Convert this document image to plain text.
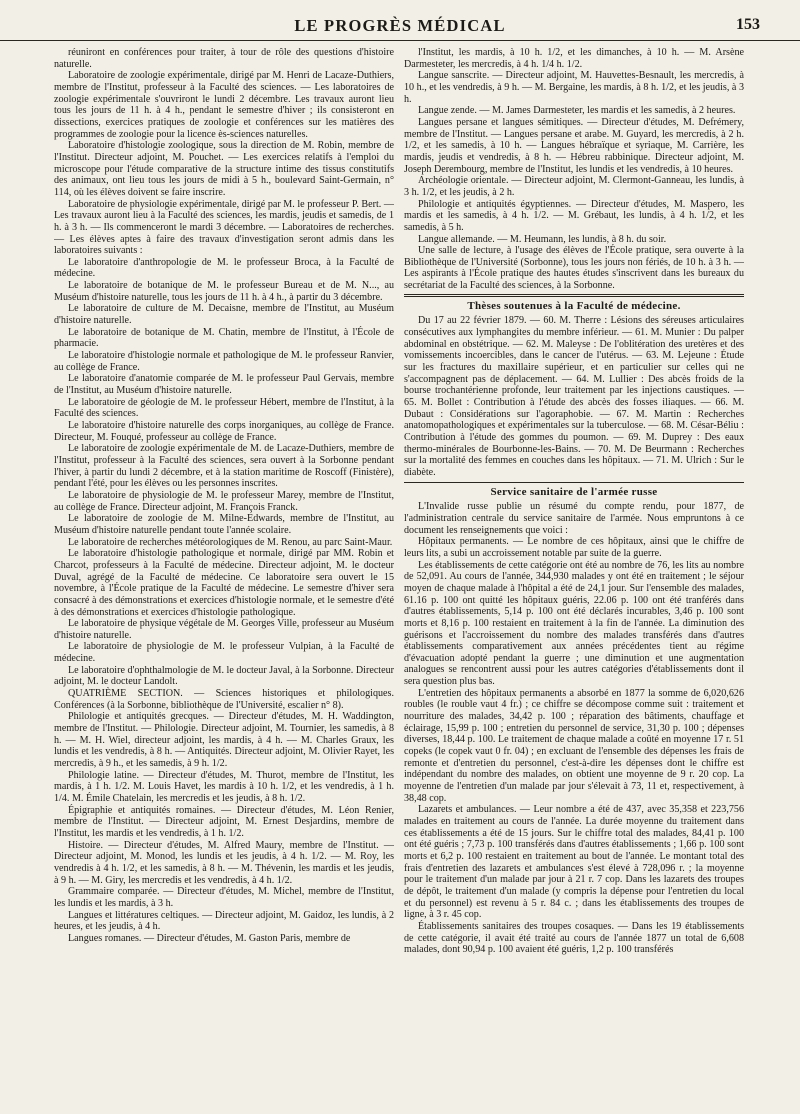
LE PROGRÈS MÉDICAL	153

réuniront en conférences pour traiter, à tour de rôle des questions d'histoire naturelle.

Laboratoire de zoologie expérimentale, dirigé par M. Henri de Lacaze-Duthiers, membre de l'Institut, professeur à la Faculté des sciences. — Les laboratoires de zoologie expérimentale s'ouvriront le lundi 2 décembre. Les travaux auront lieu tous les jours de 11 h. à 4 h., pendant le semestre d'hiver ; ils consisteront en dissections, exercices pratiques de zoologie et conférences sur les matières des programmes de zoologie pour la licence ès-sciences naturelles.

Laboratoire d'histologie zoologique, sous la direction de M. Robin, membre de l'Institut. Directeur adjoint, M. Pouchet. — Les exercices relatifs à l'emploi du microscope pour l'étude comparative de la structure intime des tissus constitutifs des animaux, ont lieu tous les jours de midi à 5 h., boulevard Saint-Germain, n° 114, où les élèves doivent se faire inscrire.

Laboratoire de physiologie expérimentale, dirigé par M. le professeur P. Bert. — Les travaux auront lieu à la Faculté des sciences, les mardis, jeudis et samedis, de 1 h. à 3 h. — Ils commenceront le mardi 3 décembre. — Laboratoires de recherches. — Les élèves aptes à faire des travaux d'investigation seront admis dans les laboratoires suivants :

Le laboratoire d'anthropologie de M. le professeur Broca, à la Faculté de médecine.

Le laboratoire de botanique de M. le professeur Bureau et de M. N..., au Muséum d'histoire naturelle, tous les jours de 11 h. à 4 h., à partir du 3 décembre.

Le laboratoire de culture de M. Decaisne, membre de l'Institut, au Muséum d'histoire naturelle.

Le laboratoire de botanique de M. Chatin, membre de l'Institut, à l'École de pharmacie.

Le laboratoire d'histologie normale et pathologique de M. le professeur Ranvier, au collège de France.

Le laboratoire d'anatomie comparée de M. le professeur Paul Gervais, membre de l'Institut, au Muséum d'histoire naturelle.

Le laboratoire de géologie de M. le professeur Hébert, membre de l'Institut, à la Faculté des sciences.

Le laboratoire d'histoire naturelle des corps inorganiques, au collège de France. Directeur, M. Fouqué, professeur au collège de France.

Le laboratoire de zoologie expérimentale de M. de Lacaze-Duthiers, membre de l'Institut, professeur à la Faculté des sciences, sera ouvert à la Sorbonne pendant l'hiver, à partir du lundi 2 décembre, et à la station maritime de Roscoff (Finistère), pendant l'été, pour les élèves ou les personnes inscrites.

Le laboratoire de physiologie de M. le professeur Marey, membre de l'Institut, au collège de France. Directeur adjoint, M. François Franck.

Le laboratoire de zoologie de M. Milne-Edwards, membre de l'Institut, au Muséum d'histoire naturelle pendant toute l'année scolaire.

Le laboratoire de recherches météorologiques de M. Renou, au parc Saint-Maur.

Le laboratoire d'histologie pathologique et normale, dirigé par MM. Robin et Charcot, professeurs à la Faculté de médecine. Directeur adjoint, M. le docteur Duval, agrégé de la Faculté de médecine. Ce laboratoire sera ouvert le 15 novembre, à l'École pratique de la Faculté de médecine. Le semestre d'hiver sera consacré à des démonstrations et exercices d'histologie normale, et le semestre d'été à des démonstrations et exercices d'histologie pathologique.

Le laboratoire de physique végétale de M. Georges Ville, professeur au Muséum d'histoire naturelle.

Le laboratoire de physiologie de M. le professeur Vulpian, à la Faculté de médecine.

Le laboratoire d'ophthalmologie de M. le docteur Javal, à la Sorbonne. Directeur adjoint, M. le docteur Landolt.

QUATRIÈME SECTION. — Sciences historiques et philologiques. Conférences (à la Sorbonne, bibliothèque de l'Université, escalier n° 8).

Philologie et antiquités grecques. — Directeur d'études, M. H. Waddington, membre de l'Institut. — Philologie. Directeur adjoint, M. Tournier, les samedis, à 8 h. — M. H. Wiel, directeur adjoint, les mardis, à 4 h. — M. Charles Graux, les lundis et les vendredis, à 8 h. — Antiquités. Directeur adjoint, M. Olivier Rayet, les mercredis, à 9 h., et les samedis, à 9 h. 1/2.

Philologie latine. — Directeur d'études, M. Thurot, membre de l'Institut, les mardis, à 1 h. 1/2. M. Louis Havet, les mardis à 10 h. 1/2, et les vendredis, à 1 h. 1/4. M. Émile Chatelain, les mercredis et les jeudis, à 8 h. 1/2.

Épigraphie et antiquités romaines. — Directeur d'études, M. Léon Renier, membre de l'Institut. — Directeur adjoint, M. Ernest Desjardins, membre de l'Institut, les mardis et les vendredis, à 1 h. 1/2.

Histoire. — Directeur d'études, M. Alfred Maury, membre de l'Institut. — Directeur adjoint, M. Monod, les lundis et les jeudis, à 4 h. 1/2. — M. Roy, les vendredis à 4 h. 1/2, et les samedis, à 8 h. — M. Thévenin, les mardis et les jeudis, à 9 h. — M. Giry, les mercredis et les vendredis, à 4 h. 1/2.

Grammaire comparée. — Directeur d'études, M. Michel, membre de l'Institut, les lundis et les mardis, à 3 h.

Langues et littératures celtiques. — Directeur adjoint, M. Gaidoz, les lundis, à 2 heures, et les jeudis, à 4 h.

Langues romanes. — Directeur d'études, M. Gaston Paris, membre de

l'Institut, les mardis, à 10 h. 1/2, et les dimanches, à 10 h. — M. Arsène Darmesteter, les mercredis, à 4 h. 1/4 h. 1/2.

Langue sanscrite. — Directeur adjoint, M. Hauvettes-Besnault, les mercredis, à 10 h., et les vendredis, à 9 h. — M. Bergaine, les mardis, à 8 h. 1/2, et les jeudis, à 3 h.

Langue zende. — M. James Darmesteter, les mardis et les samedis, à 2 heures.

Langues persane et langues sémitiques. — Directeur d'études, M. Defrémery, membre de l'Institut. — Langues persane et arabe. M. Guyard, les mercredis, à 2 h. 1/2, et les samedis, à 10 h. — Langues hébraïque et syriaque, M. Carrière, les mardis, jeudis et vendredis, à 8 h. — Hébreu rabbinique. Directeur adjoint, M. Joseph Derembourg, membre de l'Institut, les lundis et les vendredis, à 10 heures.

Archéologie orientale. — Directeur adjoint, M. Clermont-Ganneau, les lundis, à 3 h. 1/2, et les jeudis, à 2 h.

Philologie et antiquités égyptiennes. — Directeur d'études, M. Maspero, les mardis et les samedis, à 4 h. 1/2. — M. Grébaut, les lundis, à 4 h. 1/2, et les samedis, à 5 h.

Langue allemande. — M. Heumann, les lundis, à 8 h. du soir.

Une salle de lecture, à l'usage des élèves de l'École pratique, sera ouverte à la Bibliothèque de l'Université (Sorbonne), tous les jours non fériés, de 10 h. à 3 h. — Les aspirants à l'École pratique des hautes études s'inscrivent dans les bureaux du secrétariat de la Faculté des sciences, à la Sorbonne.

Thèses soutenues à la Faculté de médecine.

Du 17 au 22 février 1879. — 60. M. Therre : Lésions des séreuses articulaires consécutives aux lymphangites du membre inférieur. — 61. M. Munier : Du palper abdominal en obstétrique. — 62. M. Maleyse : De l'oblitération des uretères et des vomissements incoercibles, dans le cancer de l'utérus. — 63. M. Lejeune : Étude sur les fractures du maxillaire supérieur, et en particulier sur celles qui ne s'accompagnent pas de déplacement. — 64. M. Lullier : Des abcès froids de la bourse trochantérienne profonde, leur traitement par les injections caustiques. — 65. M. Bollet : Contribution à l'étude des abcès des fosses iliaques. — 66. M. Dubaut : Considérations sur l'agoraphobie. — 67. M. Martin : Recherches anatomopathologiques et expérimentales sur la tuberculose. — 68. M. César-Béliu : Contribution à l'étude des gommes du poumon. — 69. M. Duprey : Des eaux thermo-minérales de Bourbonne-les-Bains. — 70. M. De Beurmann : Recherches sur la mortalité des femmes en couches dans les hôpitaux. — 71. M. Ulrich : Sur le diabète.

Service sanitaire de l'armée russe

L'Invalide russe publie un résumé du compte rendu, pour 1877, de l'administration centrale du service sanitaire de l'armée. Nous empruntons à ce document les renseignements que voici :

Hôpitaux permanents. — Le nombre de ces hôpitaux, ainsi que le chiffre de leurs lits, a subi un accroissement notable par suite de la guerre.

Les établissements de cette catégorie ont été au nombre de 76, les lits au nombre de 52,091. Au cours de l'année, 344,930 malades y ont été en traitement ; le séjour moyen de chaque malade à l'hôpital a été de 24,1 jour. Sur l'ensemble des malades, 61.16 p. 100 ont quitté les hôpitaux guéris, 22.06 p. 100 ont été tranférés dans d'autres établissements, 5,14 p. 100 ont été déclarés incurables, 3,46 p. 100 sont morts et 8,16 p. 100 restaient en traitement à la fin de l'année. La diminution des guérisons et l'accroissement du nombre des malades transférés dans d'autres établissements comparativement aux années précédentes tient au régime d'évacuation adopté pendant la guerre ; une diminution et une augmentation analogues se rencontrent aussi pour les autres catégories d'établissements dont il sera question plus bas.

L'entretien des hôpitaux permanents a absorbé en 1877 la somme de 6,020,626 roubles (le rouble vaut 4 fr.) ; ce chiffre se décompose comme suit : traitement et nourriture des malades, 34,42 p. 100 ; réparation des bâtiments, chauffage et éclairage, 15,99 p. 100 ; entretien du personnel de service, 31,30 p. 100 ; dépenses diverses, 18,44 p. 100. Le traitement de chaque malade a coûté en moyenne 17 r. 51 copeks (le copek vaut 0 fr. 04) ; en excluant de l'ensemble des dépenses les frais de remonte et d'entretien du personnel, c'est-à-dire les dépenses dont le chiffre est indépendant du nombre des malades, on obtient une moyenne de 9 r. 20 cop. La moyenne de l'entretien d'un malade par jour s'élevait à 73, 11 et, respectivement, à 38,48 cop.

Lazarets et ambulances. — Leur nombre a été de 437, avec 35,358 et 223,756 malades en traitement au cours de l'année. La durée moyenne du traitement dans ces établissements a été de 15 jours. Sur le chiffre total des malades, 84,41 p. 100 ont été guéris ; 7,73 p. 100 transférés dans d'autres établissements ; 1,66 p. 100 sont morts et 6,2 p. 100 restaient en traitement au bout de l'année. Le montant total des frais d'entretien des lazarets et ambulances s'est élevé à 728,096 r. ; la moyenne pour le traitement d'un malade par jour à 21 r. 7 cop. Dans les lazarets des troupes de dépôt, le traitement d'un malade (y compris la dépense pour l'entretien du local et du personnel) est revenu à 5 r. 84 c. ; dans les établissements des troupes de ligne, à 3 r. 45 cop.

Établissements sanitaires des troupes cosaques. — Dans les 19 établissements de cette catégorie, il avait été traité au cours de l'année 1877 un total de 6,608 malades, dont 90,94 p. 100 avaient été guéris, 1,2 p. 100 transférés
